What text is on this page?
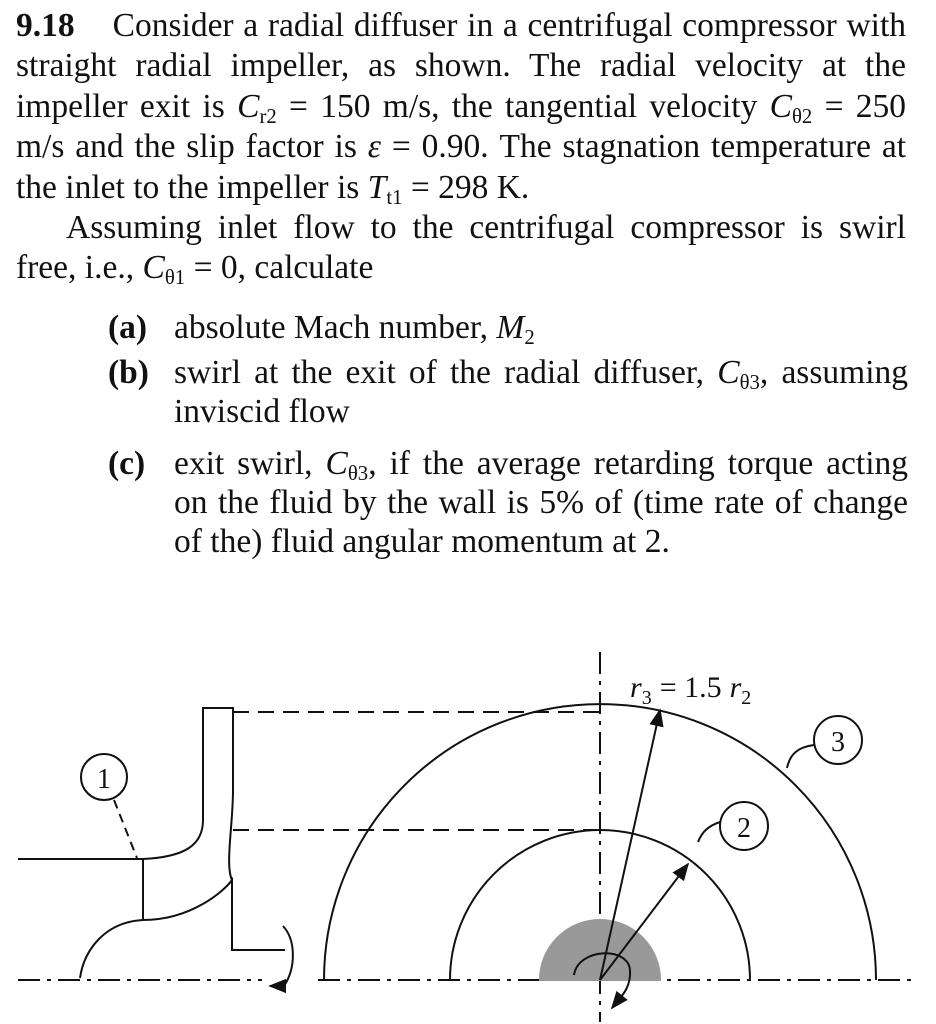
9.18 Consider a radial diffuser in a centrifugal compressor with straight radial impeller, as shown. The radial velocity at the impeller exit is $C_{r2} = 150$ m/s, the tangential velocity $C_{\theta 2} = 250$ m/s and the slip factor is ε = 0.90. The stagnation temperature at the inlet to the impeller is $T_{t1} = 298$ K.

Assuming inlet flow to the centrifugal compressor is swirl free, i.e., $C_{\theta 1} = 0$, calculate

(a) absolute Mach number, $M_2$
(b) swirl at the exit of the radial diffuser, $C_{\theta 3}$, assuming inviscid flow
(c) exit swirl, $C_{\theta 3}$, if the average retarding torque acting on the fluid by the wall is 5% of (time rate of change of the) fluid angular momentum at 2.
1
2
3
$r_3 = 1.5$ $r_2$
